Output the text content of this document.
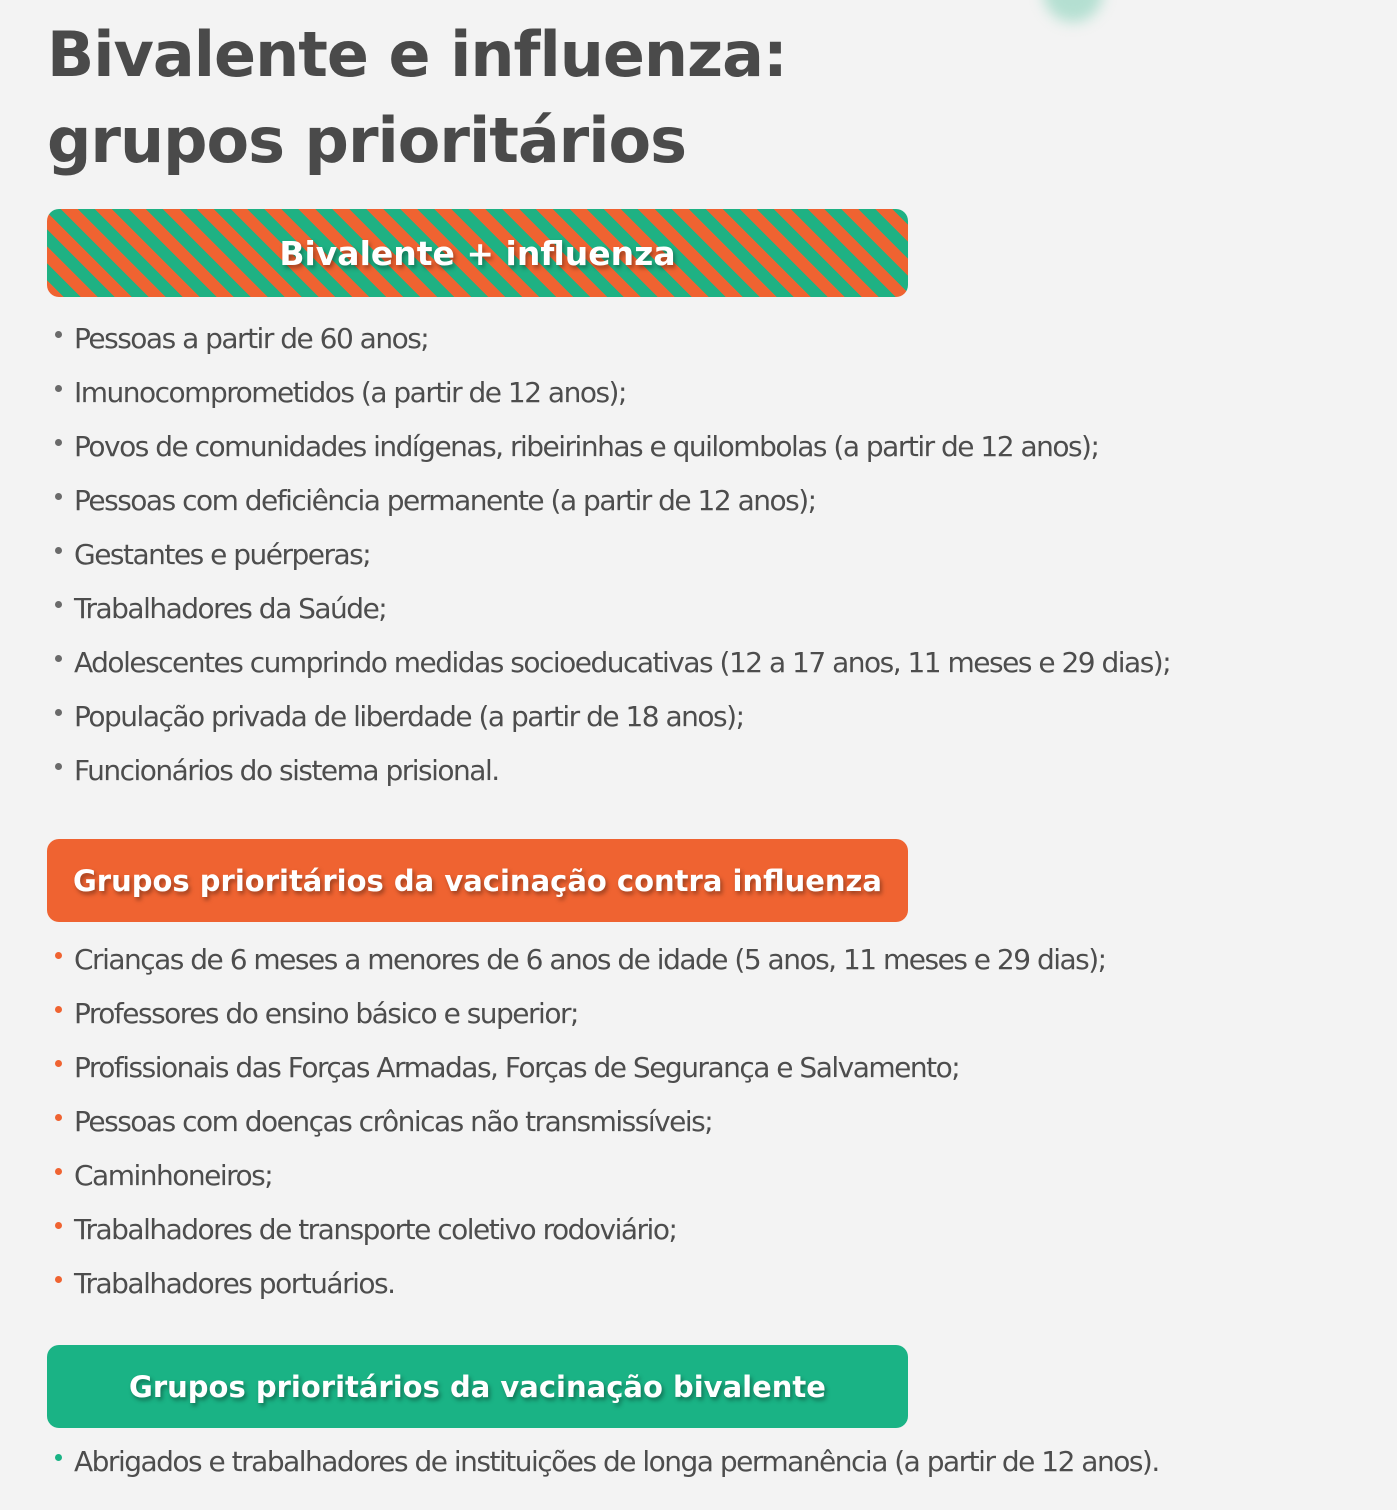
Bivalente e influenza:
grupos prioritários
Bivalente + influenza
Pessoas a partir de 60 anos;
Imunocomprometidos (a partir de 12 anos);
Povos de comunidades indígenas, ribeirinhas e quilombolas (a partir de 12 anos);
Pessoas com deficiência permanente (a partir de 12 anos);
Gestantes e puérperas;
Trabalhadores da Saúde;
Adolescentes cumprindo medidas socioeducativas (12 a 17 anos, 11 meses e 29 dias);
População privada de liberdade (a partir de 18 anos);
Funcionários do sistema prisional.
Grupos prioritários da vacinação contra influenza
Crianças de 6 meses a menores de 6 anos de idade (5 anos, 11 meses e 29 dias);
Professores do ensino básico e superior;
Profissionais das Forças Armadas, Forças de Segurança e Salvamento;
Pessoas com doenças crônicas não transmissíveis;
Caminhoneiros;
Trabalhadores de transporte coletivo rodoviário;
Trabalhadores portuários.
Grupos prioritários da vacinação bivalente
Abrigados e trabalhadores de instituições de longa permanência (a partir de 12 anos).
